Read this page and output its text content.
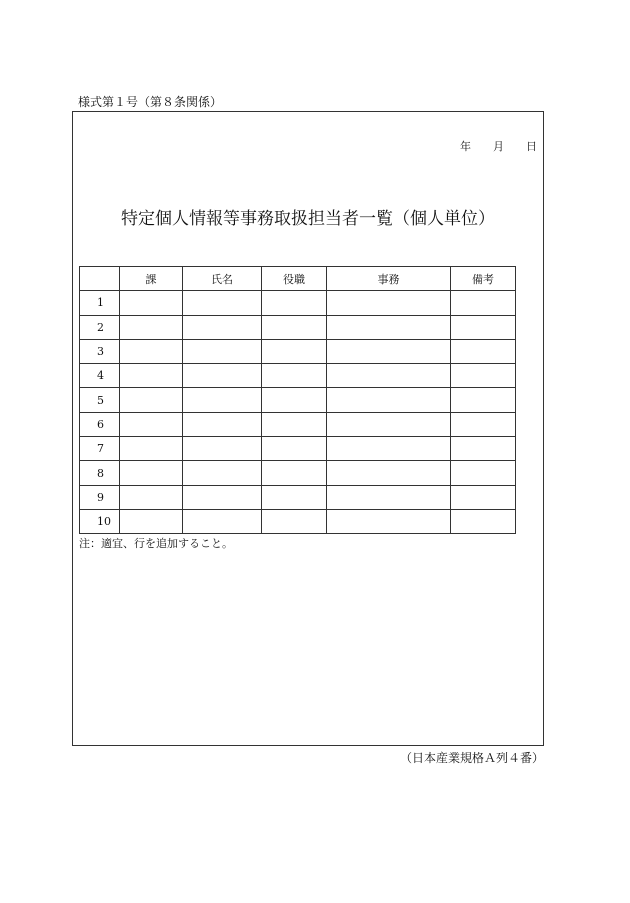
様式第１号（第８条関係）
年 月 日
特定個人情報等事務取扱担当者一覧（個人単位）
	課	氏名	役職	事務	備考
1					
2					
3					
4					
5					
6					
7					
8					
9					
10					
注：適宜、行を追加すること。
（日本産業規格Ａ列４番）
